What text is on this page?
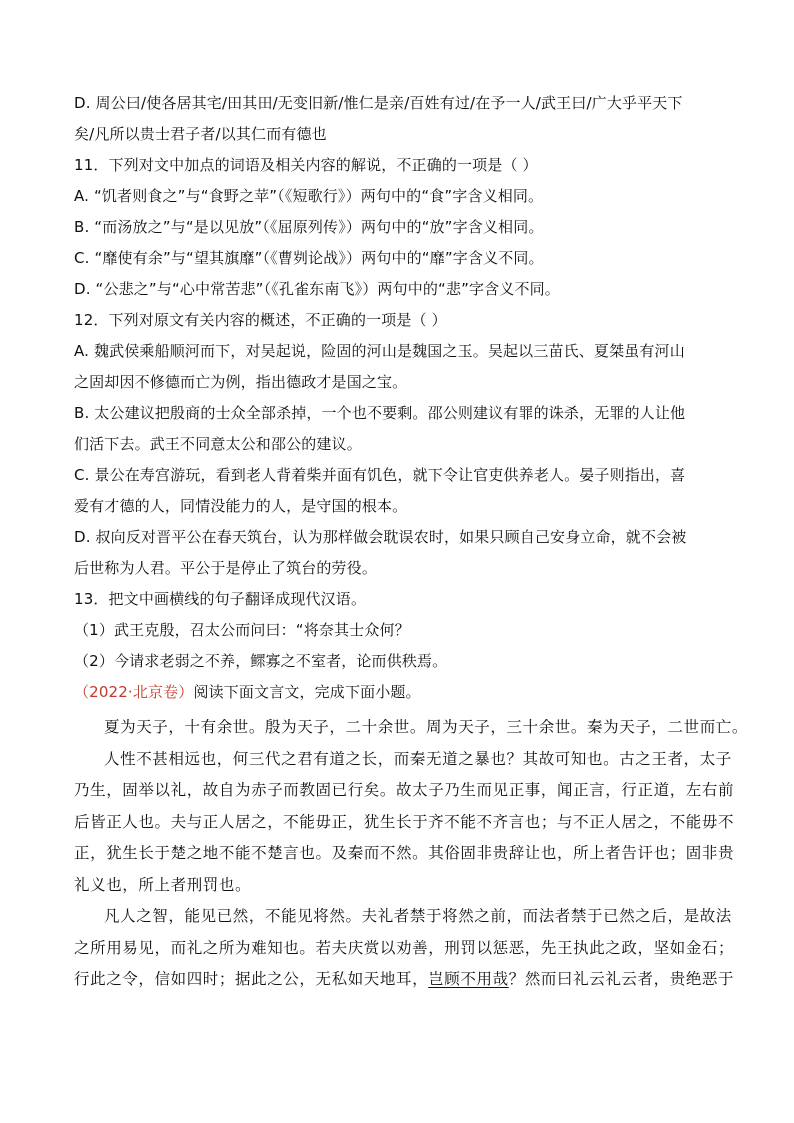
D. 周公曰/使各居其宅/田其田/无变旧新/惟仁是亲/百姓有过/在予一人/武王曰/广大乎平天下
矣/凡所以贵士君子者/以其仁而有德也
11．下列对文中加点的词语及相关内容的解说，不正确的一项是（ ）
A. “饥者则食之”与“食野之苹”（《短歌行》）两句中的“食”字含义相同。
B. “而汤放之”与“是以见放”（《屈原列传》）两句中的“放”字含义相同。
C. “靡使有余”与“望其旗靡”（《曹刿论战》）两句中的“靡”字含义不同。
D. “公悲之”与“心中常苦悲”（《孔雀东南飞》）两句中的“悲”字含义不同。
12．下列对原文有关内容的概述，不正确的一项是（ ）
A. 魏武侯乘船顺河而下，对吴起说，险固的河山是魏国之玉。吴起以三苗氏、夏桀虽有河山
之固却因不修德而亡为例，指出德政才是国之宝。
B. 太公建议把殷商的士众全部杀掉，一个也不要剩。邵公则建议有罪的诛杀，无罪的人让他
们活下去。武王不同意太公和邵公的建议。
C. 景公在寿宫游玩，看到老人背着柴并面有饥色，就下令让官吏供养老人。晏子则指出，喜
爱有才德的人，同情没能力的人，是守国的根本。
D. 叔向反对晋平公在春天筑台，认为那样做会耽误农时，如果只顾自己安身立命，就不会被
后世称为人君。平公于是停止了筑台的劳役。
13．把文中画横线的句子翻译成现代汉语。
（1）武王克殷，召太公而问曰：“将奈其士众何？
（2）今请求老弱之不养，鳏寡之不室者，论而供秩焉。
（2022·北京卷）阅读下面文言文，完成下面小题。
夏为天子，十有余世。殷为天子，二十余世。周为天子，三十余世。秦为天子，二世而亡。
人性不甚相远也，何三代之君有道之长，而秦无道之暴也？其故可知也。古之王者，太子
乃生，固举以礼，故自为赤子而教固已行矣。故太子乃生而见正事，闻正言，行正道，左右前
后皆正人也。夫与正人居之，不能毋正，犹生长于齐不能不齐言也；与不正人居之，不能毋不
正，犹生长于楚之地不能不楚言也。及秦而不然。其俗固非贵辞让也，所上者告讦也；固非贵
礼义也，所上者刑罚也。
凡人之智，能见已然，不能见将然。夫礼者禁于将然之前，而法者禁于已然之后，是故法
之所用易见，而礼之所为难知也。若夫庆赏以劝善，刑罚以惩恶，先王执此之政，坚如金石；
行此之令，信如四时；据此之公，无私如天地耳，岂顾不用哉？然而曰礼云礼云者，贵绝恶于
